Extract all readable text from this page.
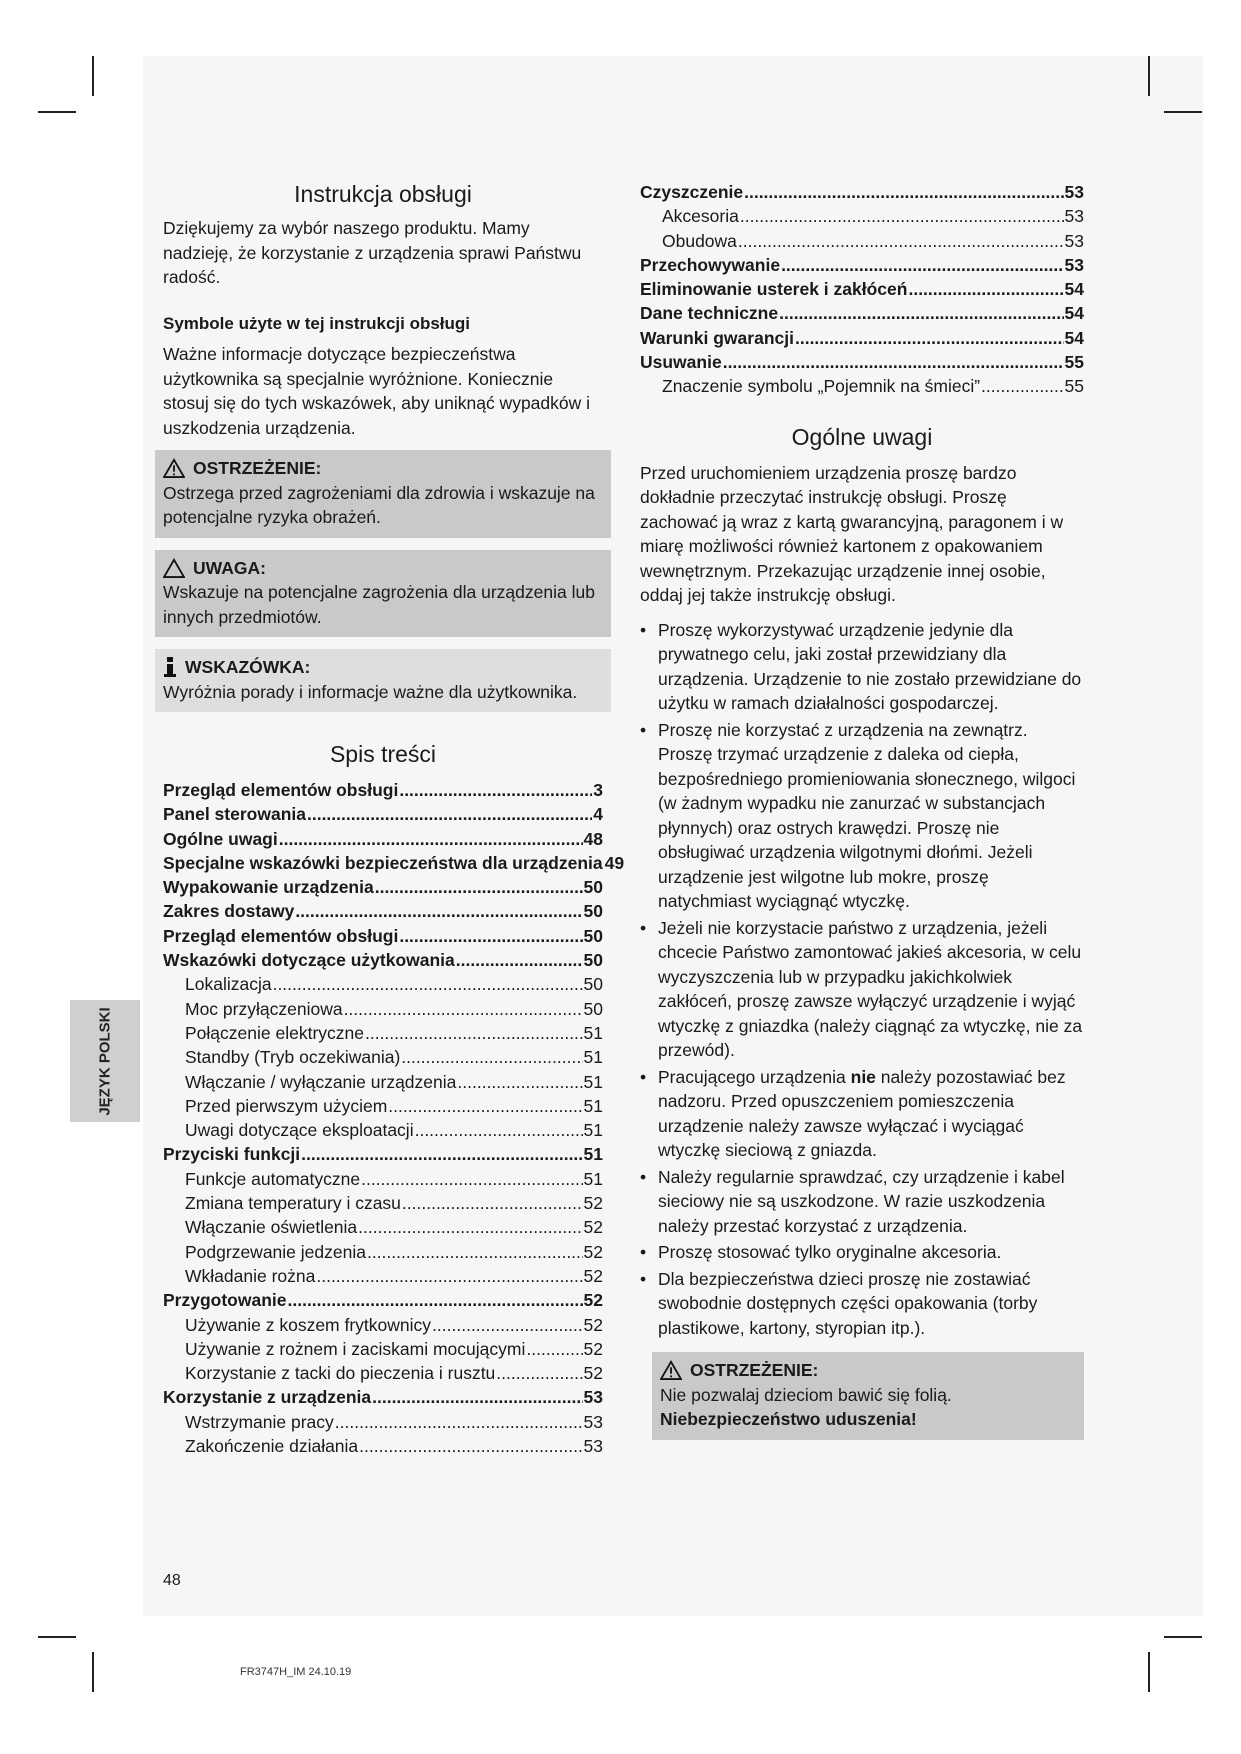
JĘZYK POLSKI
Instrukcja obsługi

Dziękujemy za wybór naszego produktu. Mamy nadzieję, że korzystanie z urządzenia sprawi Państwu radość.

Symbole użyte w tej instrukcji obsługi

Ważne informacje dotyczące bezpieczeństwa użytkownika są specjalnie wyróżnione. Koniecznie stosuj się do tych wskazówek, aby uniknąć wypadków i uszkodzenia urządzenia.

OSTRZEŻENIE:

Ostrzega przed zagrożeniami dla zdrowia i wskazuje na potencjalne ryzyka obrażeń.

UWAGA:

Wskazuje na potencjalne zagrożenia dla urządzenia lub innych przedmiotów.

WSKAZÓWKA:

Wyróżnia porady i informacje ważne dla użytkownika.

Spis treści
Przegląd elementów obsługi .....	3
Panel sterowania .....	4
Ogólne uwagi .....	48
Specjalne wskazówki bezpieczeństwa dla urządzenia 49
Wypakowanie urządzenia .....	50
Zakres dostawy .....	50
Przegląd elementów obsługi .....	50
Wskazówki dotyczące użytkowania .....	50
Lokalizacja .....	50
Moc przyłączeniowa .....	50
Połączenie elektryczne .....	51
Standby (Tryb oczekiwania) .....	51
Włączanie / wyłączanie urządzenia .....	51
Przed pierwszym użyciem .....	51
Uwagi dotyczące eksploatacji .....	51
Przyciski funkcji .....	51
Funkcje automatyczne .....	51
Zmiana temperatury i czasu .....	52
Włączanie oświetlenia .....	52
Podgrzewanie jedzenia .....	52
Wkładanie rożna .....	52
Przygotowanie .....	52
Używanie z koszem frytkownicy .....	52
Używanie z rożnem i zaciskami mocującymi .....	52
Korzystanie z tacki do pieczenia i rusztu .....	52
Korzystanie z urządzenia .....	53
Wstrzymanie pracy .....	53
Zakończenie działania .....	53
Czyszczenie .....	53
Akcesoria .....	53
Obudowa .....	53
Przechowywanie .....	53
Eliminowanie usterek i zakłóceń .....	54
Dane techniczne .....	54
Warunki gwarancji .....	54
Usuwanie .....	55
Znaczenie symbolu „Pojemnik na śmieci” .....	55
Ogólne uwagi

Przed uruchomieniem urządzenia proszę bardzo dokładnie przeczytać instrukcję obsługi. Proszę zachować ją wraz z kartą gwarancyjną, paragonem i w miarę możliwości również kartonem z opakowaniem wewnętrznym. Przekazując urządzenie innej osobie, oddaj jej także instrukcję obsługi.

• Proszę wykorzystywać urządzenie jedynie dla prywatnego celu, jaki został przewidziany dla urządzenia. Urządzenie to nie zostało przewidziane do użytku w ramach działalności gospodarczej.
• Proszę nie korzystać z urządzenia na zewnątrz. Proszę trzymać urządzenie z daleka od ciepła, bezpośredniego promieniowania słonecznego, wilgoci (w żadnym wypadku nie zanurzać w substancjach płynnych) oraz ostrych krawędzi. Proszę nie obsługiwać urządzenia wilgotnymi dłońmi. Jeżeli urządzenie jest wilgotne lub mokre, proszę natychmiast wyciągnąć wtyczkę.
• Jeżeli nie korzystacie państwo z urządzenia, jeżeli chcecie Państwo zamontować jakieś akcesoria, w celu wyczyszczenia lub w przypadku jakichkolwiek zakłóceń, proszę zawsze wyłączyć urządzenie i wyjąć wtyczkę z gniazdka (należy ciągnąć za wtyczkę, nie za przewód).
• Pracującego urządzenia nie należy pozostawiać bez nadzoru. Przed opuszczeniem pomieszczenia urządzenie należy zawsze wyłączać i wyciągać wtyczkę sieciową z gniazda.
• Należy regularnie sprawdzać, czy urządzenie i kabel sieciowy nie są uszkodzone. W razie uszkodzenia należy przestać korzystać z urządzenia.
• Proszę stosować tylko oryginalne akcesoria.
• Dla bezpieczeństwa dzieci proszę nie zostawiać swobodnie dostępnych części opakowania (torby plastikowe, kartony, styropian itp.).
OSTRZEŻENIE:

Nie pozwalaj dzieciom bawić się folią. Niebezpieczeństwo uduszenia!

48
FR3747H_IM 24.10.19
